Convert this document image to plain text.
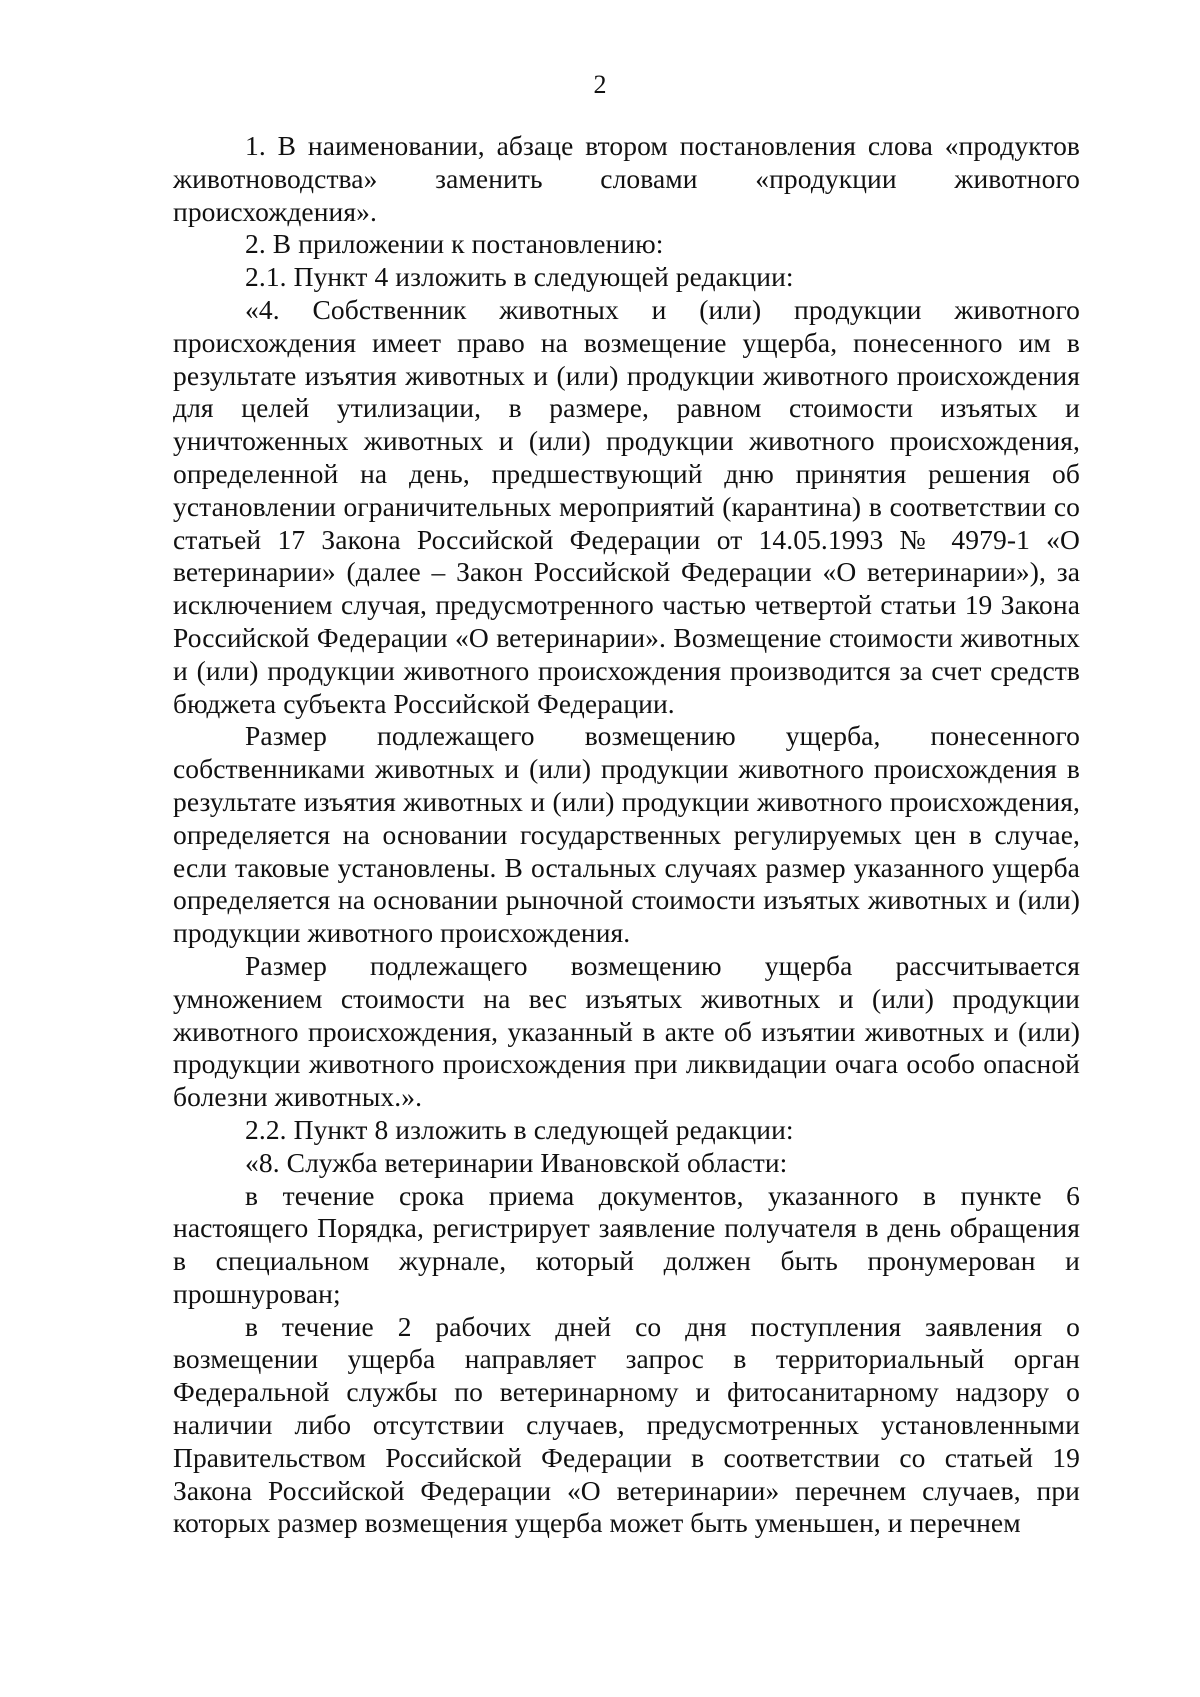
2

1. В наименовании, абзаце втором постановления слова «продуктов животноводства» заменить словами «продукции животного происхождения».

2. В приложении к постановлению:

2.1. Пункт 4 изложить в следующей редакции:

«4. Собственник животных и (или) продукции животного происхождения имеет право на возмещение ущерба, понесенного им в результате изъятия животных и (или) продукции животного происхождения для целей утилизации, в размере, равном стоимости изъятых и уничтоженных животных и (или) продукции животного происхождения, определенной на день, предшествующий дню принятия решения об установлении ограничительных мероприятий (карантина) в соответствии со статьей 17 Закона Российской Федерации от 14.05.1993 № 4979-1 «О ветеринарии» (далее – Закон Российской Федерации «О ветеринарии»), за исключением случая, предусмотренного частью четвертой статьи 19 Закона Российской Федерации «О ветеринарии». Возмещение стоимости животных и (или) продукции животного происхождения производится за счет средств бюджета субъекта Российской Федерации.

Размер подлежащего возмещению ущерба, понесенного собственниками животных и (или) продукции животного происхождения в результате изъятия животных и (или) продукции животного происхождения, определяется на основании государственных регулируемых цен в случае, если таковые установлены. В остальных случаях размер указанного ущерба определяется на основании рыночной стоимости изъятых животных и (или) продукции животного происхождения.

Размер подлежащего возмещению ущерба рассчитывается умножением стоимости на вес изъятых животных и (или) продукции животного происхождения, указанный в акте об изъятии животных и (или) продукции животного происхождения при ликвидации очага особо опасной болезни животных.».

2.2. Пункт 8 изложить в следующей редакции:

«8. Служба ветеринарии Ивановской области:

в течение срока приема документов, указанного в пункте 6 настоящего Порядка, регистрирует заявление получателя в день обращения в специальном журнале, который должен быть пронумерован и прошнурован;

в течение 2 рабочих дней со дня поступления заявления о возмещении ущерба направляет запрос в территориальный орган Федеральной службы по ветеринарному и фитосанитарному надзору о наличии либо отсутствии случаев, предусмотренных установленными Правительством Российской Федерации в соответствии со статьей 19 Закона Российской Федерации «О ветеринарии» перечнем случаев, при которых размер возмещения ущерба может быть уменьшен, и перечнем
